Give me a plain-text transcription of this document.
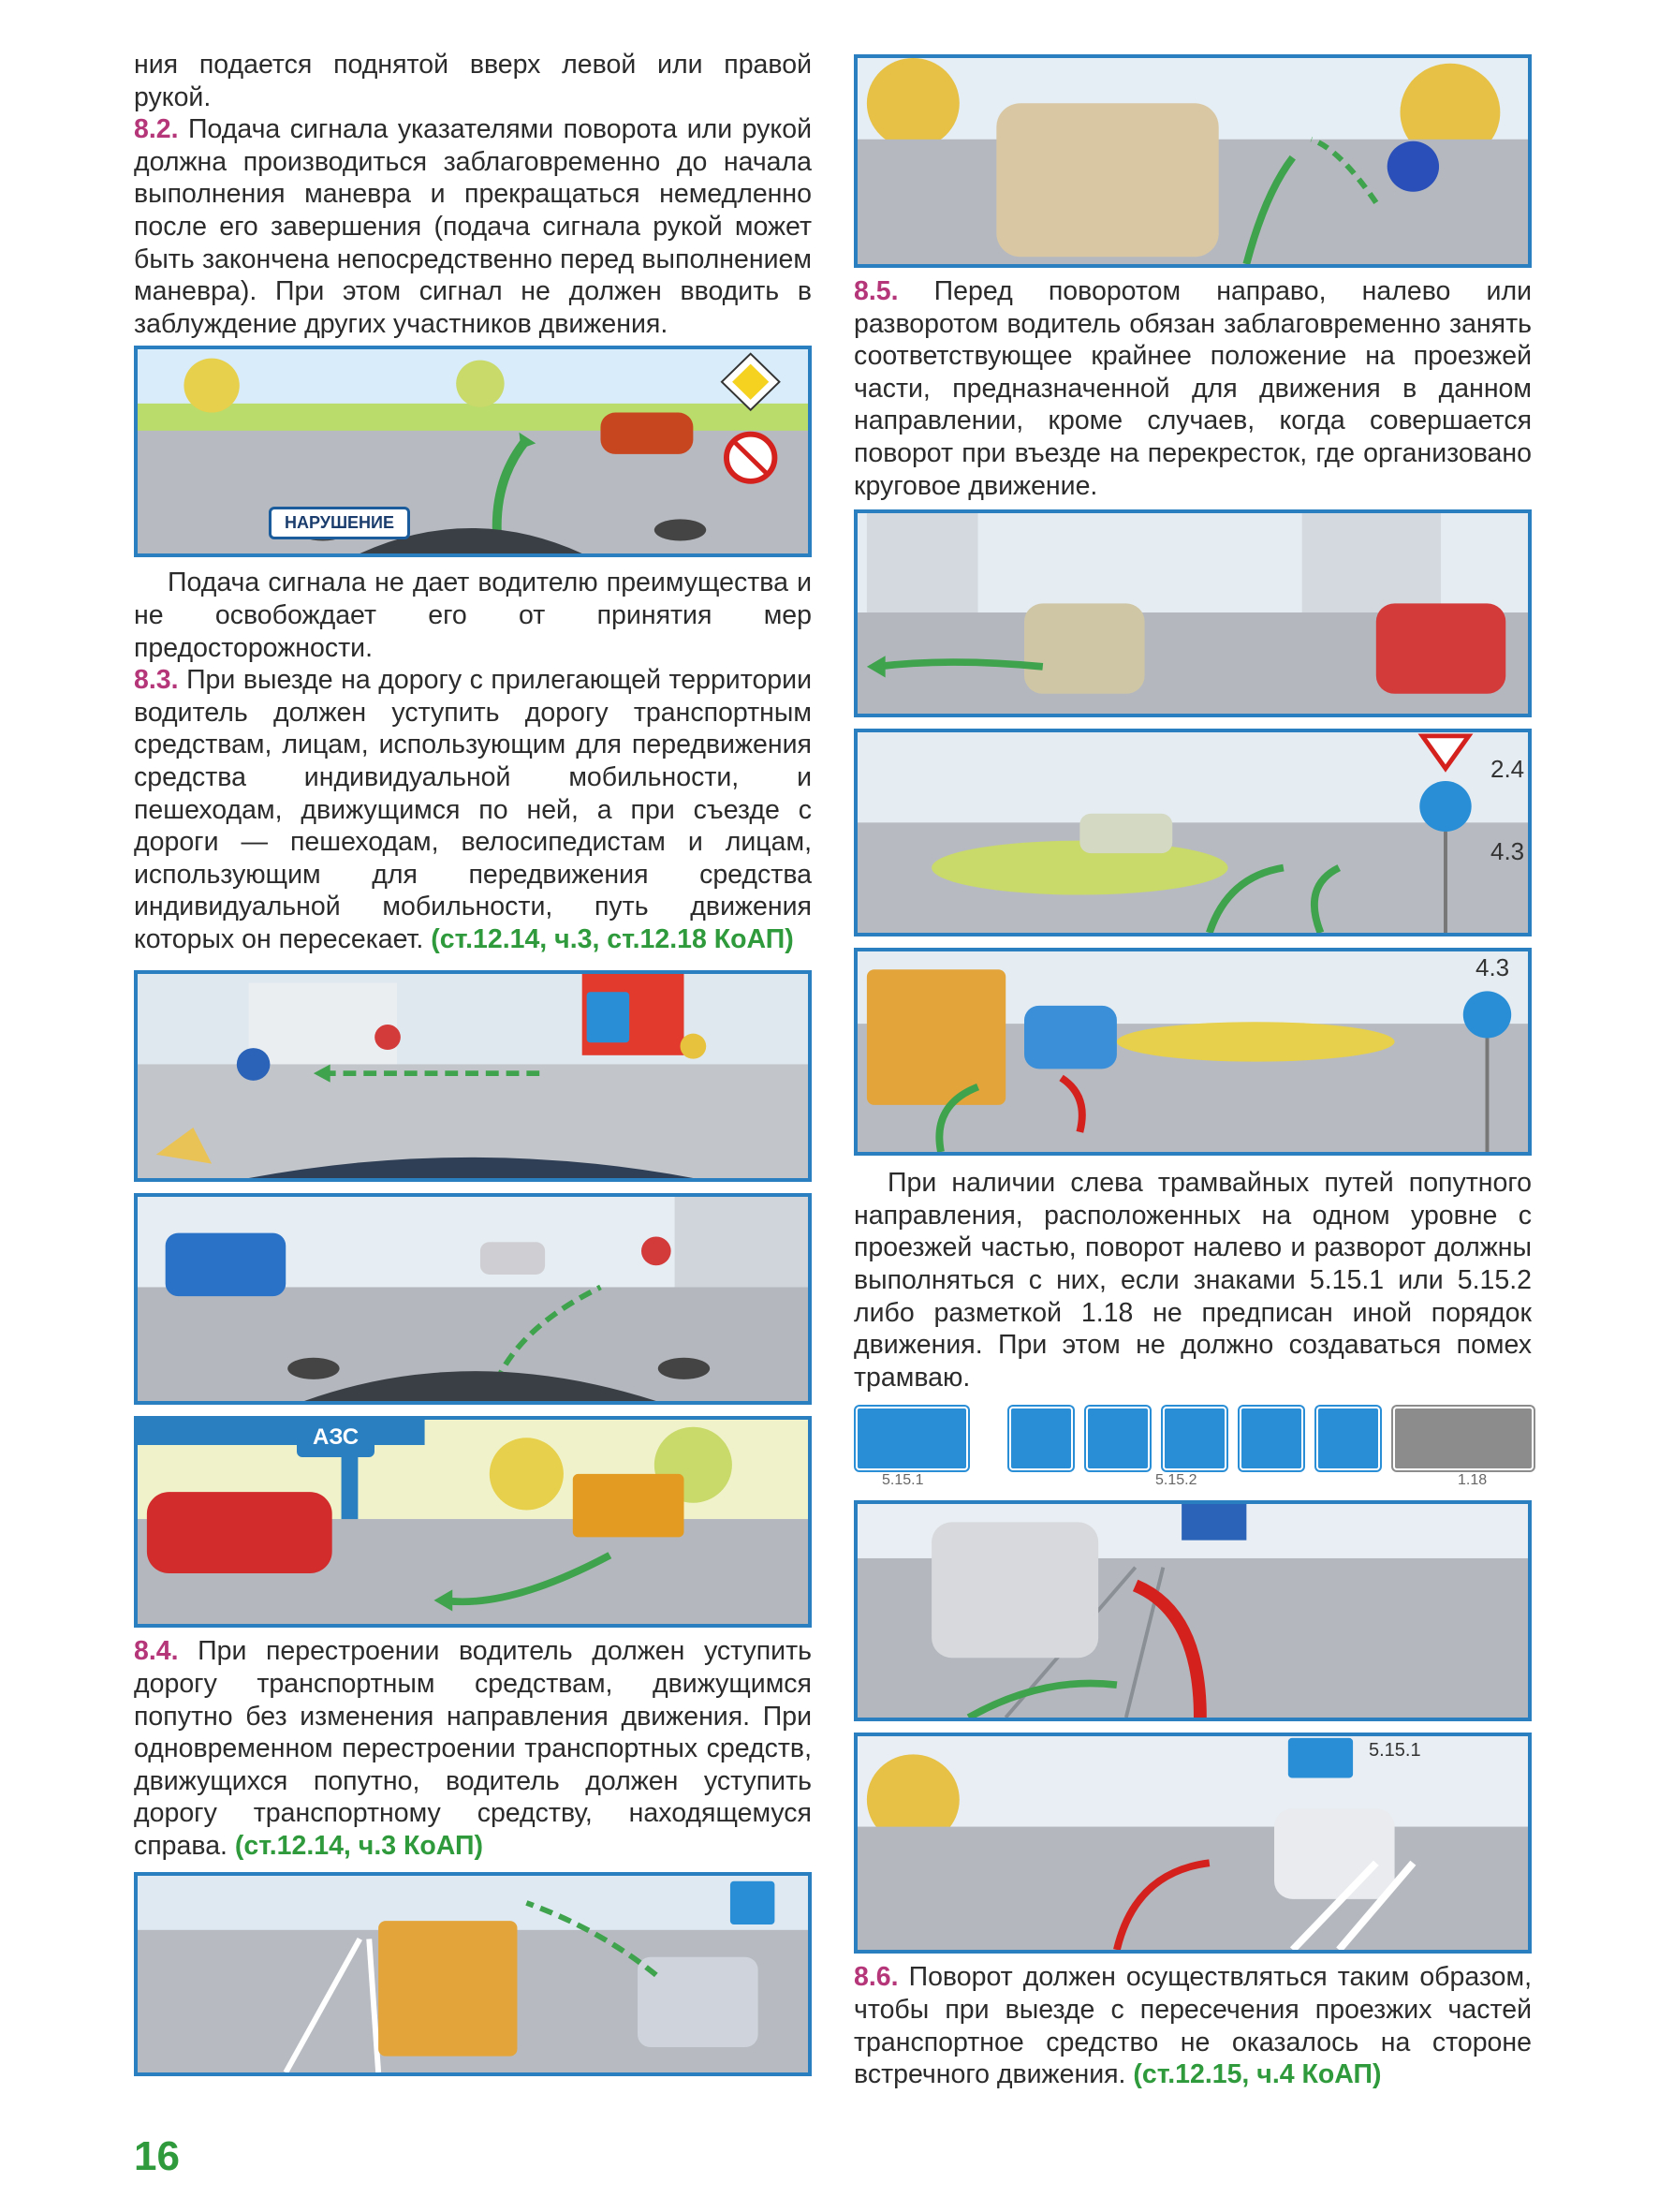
ния подается поднятой вверх левой или правой рукой.

8.2. Подача сигнала указателями поворота или рукой должна производиться заблаговременно до начала выполнения маневра и прекращаться немедленно после его завершения (подача сигнала рукой может быть закончена непосредственно перед выполнением маневра). При этом сигнал не должен вводить в заблуждение других участников движения.

НАРУШЕНИЕ

Подача сигнала не дает водителю преимущества и не освобождает его от принятия мер предосторожности.

8.3. При выезде на дорогу с прилегающей территории водитель должен уступить дорогу транспортным средствам, лицам, использующим для передвижения средства индивидуальной мобильности, и пешеходам, движущимся по ней, а при съезде с дороги — пешеходам, велосипедистам и лицам, использующим для передвижения средства индивидуальной мобильности, путь движения которых он пересекает. (ст.12.14, ч.3, ст.12.18 КоАП)

АЗС

8.4. При перестроении водитель должен уступить дорогу транспортным средствам, движущимся попутно без изменения направления движения. При одновременном перестроении транспортных средств, движущихся попутно, водитель должен уступить дорогу транспортному средству, находящемуся справа. (ст.12.14, ч.3 КоАП)

8.5. Перед поворотом направо, налево или разворотом водитель обязан заблаговременно занять соответствующее крайнее положение на проезжей части, предназначенной для движения в данном направлении, кроме случаев, когда совершается поворот при въезде на перекресток, где организовано круговое движение.

2.4
4.3
4.3

При наличии слева трамвайных путей попутного направления, расположенных на одном уровне с проезжей частью, поворот налево и разворот должны выполняться с них, если знаками 5.15.1 или 5.15.2 либо разметкой 1.18 не предписан иной порядок движения. При этом не должно создаваться помех трамваю.

5.15.1	5.15.2	1.18
5.15.1

8.6. Поворот должен осуществляться таким образом, чтобы при выезде с пересечения проезжих частей транспортное средство не оказалось на стороне встречного движения. (ст.12.15, ч.4 КоАП)

16
